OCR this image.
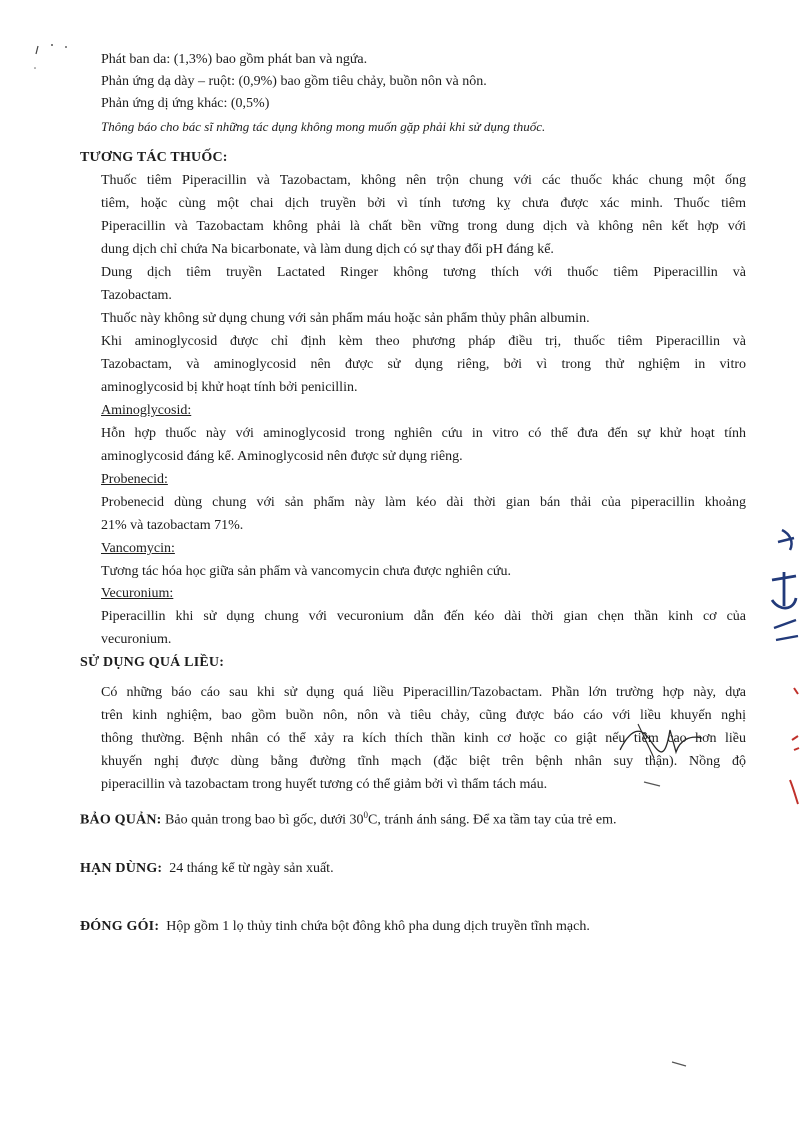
Phát ban da: (1,3%) bao gồm phát ban và ngứa.
Phản ứng dạ dày – ruột: (0,9%) bao gồm tiêu chảy, buồn nôn và nôn.
Phản ứng dị ứng khác: (0,5%)
Thông báo cho bác sĩ những tác dụng không mong muốn gặp phải khi sử dụng thuốc.
TƯƠNG TÁC THUỐC:
Thuốc tiêm Piperacillin và Tazobactam, không nên trộn chung với các thuốc khác chung một ống
tiêm, hoặc cùng một chai dịch truyền bởi vì tính tương kỵ chưa được xác minh. Thuốc tiêm
Piperacillin và Tazobactam không phải là chất bền vững trong dung dịch và không nên kết hợp với
dung dịch chỉ chứa Na bicarbonate, và làm dung dịch có sự thay đổi pH đáng kể.
Dung dịch tiêm truyền Lactated Ringer không tương thích với thuốc tiêm Piperacillin và
Tazobactam.
Thuốc này không sử dụng chung với sản phẩm máu hoặc sản phẩm thủy phân albumin.
Khi aminoglycosid được chỉ định kèm theo phương pháp điều trị, thuốc tiêm Piperacillin và
Tazobactam, và aminoglycosid nên được sử dụng riêng, bởi vì trong thử nghiệm in vitro
aminoglycosid bị khử hoạt tính bởi penicillin.
Aminoglycosid:
Hỗn hợp thuốc này với aminoglycosid trong nghiên cứu in vitro có thể đưa đến sự khử hoạt tính
aminoglycosid đáng kể. Aminoglycosid nên được sử dụng riêng.
Probenecid:
Probenecid dùng chung với sản phẩm này làm kéo dài thời gian bán thải của piperacillin khoảng
21% và tazobactam 71%.
Vancomycin:
Tương tác hóa học giữa sản phẩm và vancomycin chưa được nghiên cứu.
Vecuronium:
Piperacillin khi sử dụng chung với vecuronium dẫn đến kéo dài thời gian chẹn thần kinh cơ của
vecuronium.
SỬ DỤNG QUÁ LIỀU:
Có những báo cáo sau khi sử dụng quá liều Piperacillin/Tazobactam. Phần lớn trường hợp này, dựa
trên kinh nghiệm, bao gồm buồn nôn, nôn và tiêu chảy, cũng được báo cáo với liều khuyến nghị
thông thường. Bệnh nhân có thể xảy ra kích thích thần kinh cơ hoặc co giật nếu tiêm cao hơn liều
khuyến nghị được dùng bằng đường tĩnh mạch (đặc biệt trên bệnh nhân suy thận). Nồng độ
piperacillin và tazobactam trong huyết tương có thể giảm bởi vì thẩm tách máu.
BẢO QUẢN: Bảo quản trong bao bì gốc, dưới $30^0C$, tránh ánh sáng. Để xa tầm tay của trẻ em.
HẠN DÙNG: 24 tháng kể từ ngày sản xuất.
ĐÓNG GÓI: Hộp gồm 1 lọ thủy tinh chứa bột đông khô pha dung dịch truyền tĩnh mạch.
